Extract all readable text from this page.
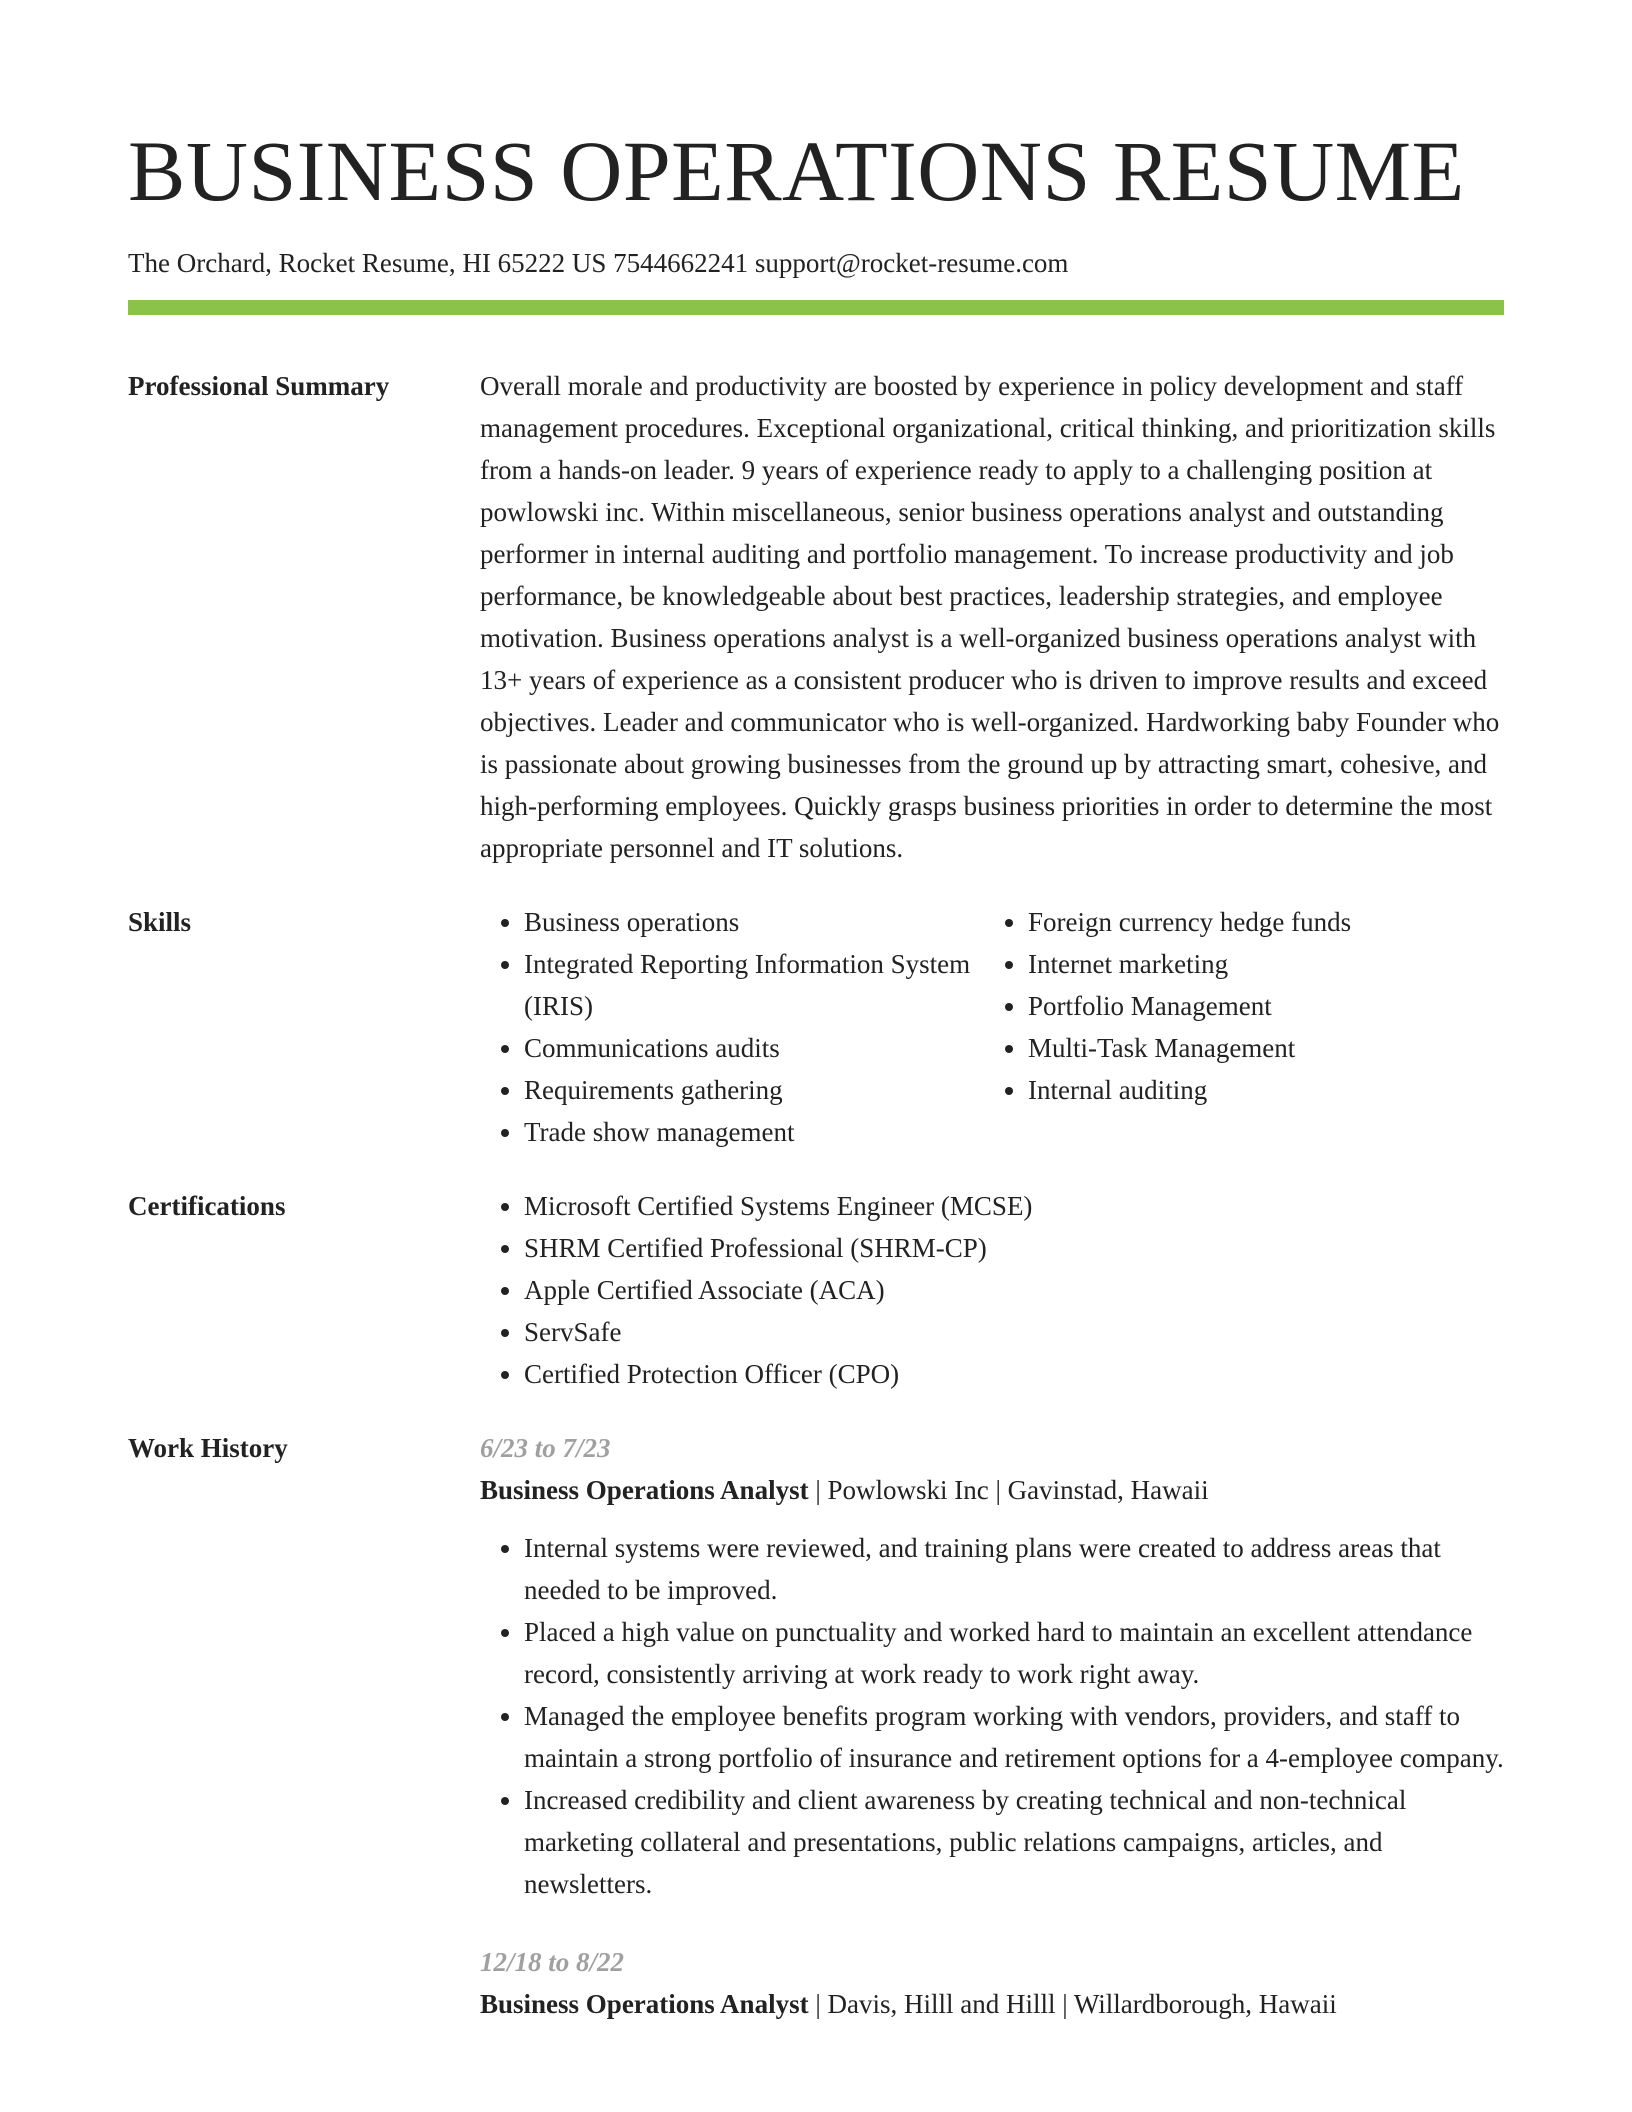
BUSINESS OPERATIONS RESUME
The Orchard, Rocket Resume, HI 65222 US 7544662241 support@rocket-resume.com
Professional Summary	Overall morale and productivity are boosted by experience in policy development and staff management procedures. Exceptional organizational, critical thinking, and prioritization skills from a hands-on leader. 9 years of experience ready to apply to a challenging position at powlowski inc. Within miscellaneous, senior business operations analyst and outstanding performer in internal auditing and portfolio management. To increase productivity and job performance, be knowledgeable about best practices, leadership strategies, and employee motivation. Business operations analyst is a well-organized business operations analyst with 13+ years of experience as a consistent producer who is driven to improve results and exceed objectives. Leader and communicator who is well-organized. Hardworking baby Founder who is passionate about growing businesses from the ground up by attracting smart, cohesive, and high-performing employees. Quickly grasps business priorities in order to determine the most appropriate personnel and IT solutions.

Skills	• Business operations
• Integrated Reporting Information System (IRIS)
• Communications audits
• Requirements gathering
• Trade show management
• Foreign currency hedge funds
• Internet marketing
• Portfolio Management
• Multi-Task Management
• Internal auditing
Certifications	• Microsoft Certified Systems Engineer (MCSE)
• SHRM Certified Professional (SHRM-CP)
• Apple Certified Associate (ACA)
• ServSafe
• Certified Protection Officer (CPO)
Work History	6/23 to 7/23
Business Operations Analyst | Powlowski Inc | Gavinstad, Hawaii
• Internal systems were reviewed, and training plans were created to address areas that needed to be improved.
• Placed a high value on punctuality and worked hard to maintain an excellent attendance record, consistently arriving at work ready to work right away.
• Managed the employee benefits program working with vendors, providers, and staff to maintain a strong portfolio of insurance and retirement options for a 4-employee company.
• Increased credibility and client awareness by creating technical and non-technical marketing collateral and presentations, public relations campaigns, articles, and newsletters.
12/18 to 8/22
Business Operations Analyst | Davis, Hilll and Hilll | Willardborough, Hawaii
